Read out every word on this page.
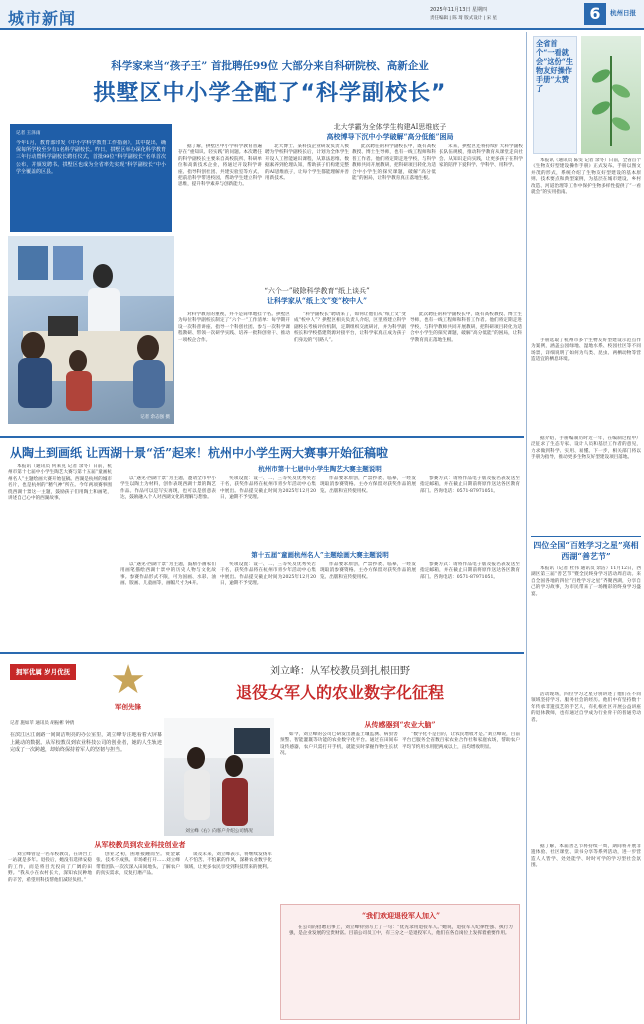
城市新闻	2025年11月13日 星期四
责任编辑 | 陈 琦 版式设计 | 宋 星	6	杭州日报
科学家来当“孩子王” 首批聘任99位 大部分来自科研院校、高新企业
拱墅区中小学全配了“科学副校长”
记者 王泽雨
今年1月，教育部印发《中小学科学教育工作指南》，其中提出，确保每所学校至少有1名科学副校长。昨日，拱墅区举办深化科学教育三年行动暨科学副校长聘任仪式，首批99位“科学副校长”名单首次公布，并颁发聘书。拱墅区也成为全省率先实现“科学副校长”中小学全覆盖的区县。
记者 余志强 摄
北大学霸为全体学生构建AI思维底子
高校博导下沉中小学破解“高分低能”困局

据了解，拱墅区中小学科学教育普遍存在“重知识、轻实践”的问题。本次聘任的科学副校长主要来自高校院所、科研单位和高新技术企业，将通过开设科学讲座、指导科创社团、共建实验室等方式，把前沿科学带进校园，帮助学生建立科学思维，提升科学素养与创新能力。

北大博士、某科技企业研发负责人被聘为学校科学副校长后，计划为全体学生开设人工智能通识课程，从算法思维、数据素养到伦理认知，帮助孩子们构建完整的AI思维底子，让每个学生都能理解并善用新技术。

此次聘任的科学副校长中，既有高校教授、博士生导师，也有一线工程师和科普工作者。他们将定期走进学校，与科学教师共同开展教研，把科研项目转化为适合中小学生的探究课题，破解“高分低能”的困局，让科学教育真正落地生根。

未来，拱墅区还将持续扩大科学副校长队伍规模，推动科学教育从课堂走向社会、从知识走向实践，让更多孩子在科学家的陪伴下爱科学、学科学、用科学。

“六个一”破除科学教育“纸上谈兵”
让科学家从“纸上文”变“校中人”

对科学教育的重视，并不是简单地挂个名。拱墅区为每位科学副校长制定了“六个一”工作清单：每学期开设一次科普讲座、指导一个科创社团、参与一次科学课程教研、带领一次研学实践、培养一批科创骨干、推动一项校企合作。

“科学副校长”聘请来了，如何让他们从“纸上文”变成“校中人”？拱墅区相关负责人介绍，区里将建立科学副校长考核评价机制，定期组织交流研讨，并为科学副校长和学校搭建资源对接平台，让科学家真正成为孩子们身边的“引路人”。

此次聘任的科学副校长中，既有高校教授、博士生导师，也有一线工程师和科普工作者。他们将定期走进学校，与科学教师共同开展教研，把科研项目转化为适合中小学生的探究课题，破解“高分低能”的困局，让科学教育真正落地生根。

全省首个“一看就会”这份“生物友好操作手册”太赞了

本报讯（通讯员 陈雯 记者 余冬）日前，全省首个《生物友好型建设操作手册》正式发布。手册以图文并茂的形式，系统介绍了生物友好型建设的基本原则、技术要点和典型案例，为基层在城市建设、乡村改造、河道治理等工作中保护生物多样性提供了“一看就会”的实用指南。

手册选取了杭州市多个生物友好型建设示范点作为案例，涵盖公园绿地、湿地水系、校园社区等不同场景，详细说明了如何为鸟类、昆虫、两栖动物等营造适宜的栖息环境。

据介绍，手册编制历时近一年，在编制过程中广泛征求了生态专家、设计人员和基层工作者的意见，力求做到科学、实用、易懂。下一步，相关部门将以手册为指导，推动更多生物友好型建设项目落地。

四位全国“百姓学习之星”亮相西湖“善艺节”

本报讯（记者 杜伟 通讯员 余洁）11月12日，西湖区第三届“善艺节”暨全民终身学习活动周启动。来自全国各地的四位“百姓学习之星”齐聚西湖，分享自己的学习故事，为市民带来了一场精彩的终身学习盛宴。

活动现场，四位学习之星分别讲述了他们在不同领域坚持学习、服务社会的经历。他们中有坚持数十年传承非遗技艺的手艺人，有扎根社区开展公益讲座的退休教师，也有通过自学成为行业骨干的普通劳动者。

据了解，本届善艺节将持续一周，期间将开展非遗体验、社区课堂、读书分享等系列活动，进一步营造人人皆学、处处能学、时时可学的学习型社会氛围。

从陶土到画纸 让西湖十景“活”起来！杭州中小学生两大赛事开始征稿啦

本报讯（通讯员 何莱克 记者 余冬）日前，杭州市第十七届中小学生陶艺大赛与第十五届“童画杭州名人”主题绘画大赛开始征稿。西湖是杭州的城市名片，也是杭州的“精气神”所在。今年两项赛事围绕西湖十景这一主题，鼓励孩子们用陶土和画笔，讲述自己心中的西湖故事。

杭州市第十七届中小学生陶艺大赛主题说明

以“遇见·西湖十景”为主题，邀请全市中小学生以陶土为材料，创作表现西湖十景的陶艺作品。作品可以是写实再现，也可以是创意表达，鼓励融入个人对西湖文化的理解与想象。

奖项设置：设一、二、三等奖及优秀奖若干名，获奖作品将在杭州市青少年活动中心集中展出。作品提交截止时间为2025年12月20日，逾期不予受理。

作品要求原创，严禁抄袭、临摹，一经发现取消参赛资格。主办方保留对获奖作品的展览、出版和宣传使用权。

参赛方式：请将作品电子版及报名表发送至指定邮箱，并在截止日期前将原作送达各区教育部门。咨询电话：0571-87971051。

第十五届“童画杭州名人”主题绘画大赛主题说明

以“遇见·西湖十景”为主题，鼓励小画家们用画笔描绘西湖十景中的历史人物与文化故事。参赛作品形式不限，可为国画、水彩、油画、版画、儿童画等，画幅尺寸为4开。

奖项设置：设一、二、三等奖及优秀奖若干名，获奖作品将在杭州市青少年活动中心集中展出。作品提交截止时间为2025年12月20日，逾期不予受理。

作品要求原创，严禁抄袭、临摹，一经发现取消参赛资格。主办方保留对获奖作品的展览、出版和宣传使用权。

参赛方式：请将作品电子版及报名表发送至指定邮箱，并在截止日期前将原作送达各区教育部门。咨询电话：0571-87971051。

拥军优属 岁月优抚 ★
军创先锋
刘立峰：从军校教员到扎根田野
退役女军人的农业数字化征程
记者 施如苹 通讯员 胡振彬 钟倩
在滨江区江南路一间简洁明亮的办公室里，刘立峰专注地看着大屏幕上跳动的数据。从军校教员到农业科技公司的创业者，她的人生轨迹完成了一次跨越，却始终保持着军人的坚韧与担当。
刘立峰（右）向客户介绍公司情况
从军校教员到农业科技创业者

刘立峰曾是一名军校教员，在讲台上一站就是多年。退役后，她没有选择安稳的工作，而是将目光投向了广阔的田野。“我从小在农村长大，深知农民种地的辛苦，希望用科技帮他们减轻负担。”

创业之初，困难接踵而至。资金紧张、技术不成熟、市场难打开……刘立峰带着团队一次次深入田间地头，了解农户的真实需求，反复打磨产品。

谈及未来，刘立峰表示，将继续发扬军人不怕苦、不怕累的作风，深耕农业数字化领域，让更多农民享受到科技带来的便利。

从传感器到“农业大脑”

如今，刘立峰的公司已研发出涵盖土壤监测、病虫害预警、智能灌溉等功能的农业数字化平台。通过在田间布设传感器，农户只需打开手机，就能实时掌握作物生长状况。

“数字化不是目的，让农民增收才是。”刘立峰说，目前平台已服务全省数百家农业合作社和家庭农场，帮助农户平均节约用水用肥两成以上，亩均增收明显。

“我们欢迎退役军人加入”

在公司的招聘启事上，刘立峰特别写上了一句：“优先录用退役军人。”她说，退役军人纪律性强、执行力强，是企业发展的宝贵财富。目前公司员工中，有三分之一是退役军人，他们在各自岗位上发挥着重要作用。
